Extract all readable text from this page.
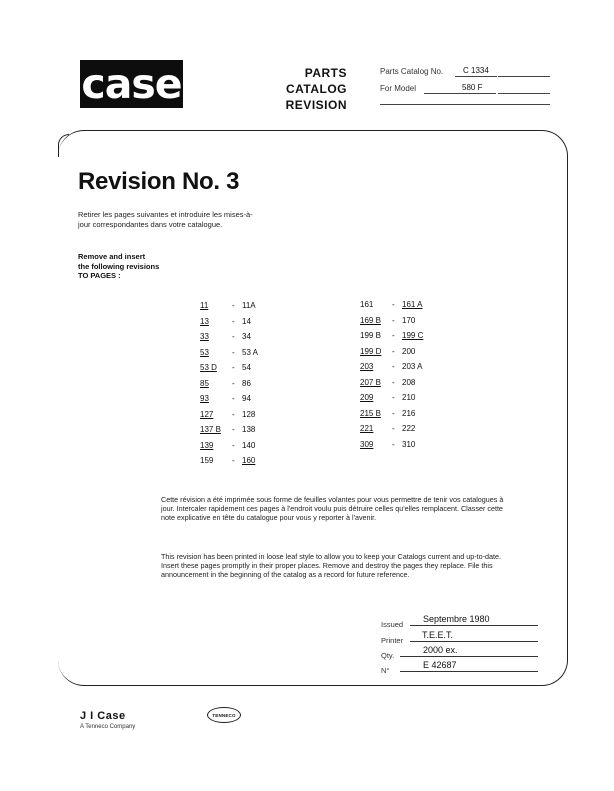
case	PARTS
CATALOG
REVISION
Parts Catalog No. C 1334
For Model	580 F
Revision No. 3
Retirer les pages suivantes et introduire les mises-à-jour correspondantes dans votre catalogue.
Remove and insert
the following revisions
TO PAGES :
11	- 11A
13	- 14
33	- 34
53	- 53 A
53 D - 54
85	- 86
93	- 94
127 - 128
137 B - 138
139 - 140
159 - 160
161 - 161 A
169 B - 170
199 B - 199 C
199 D - 200
203 - 203 A
207 B - 208
209 - 210
215 B - 216
221 - 222
309 - 310
Cette révision a été imprimée sous forme de feuilles volantes pour vous permettre de tenir vos catalogues à jour. Intercaler rapidement ces pages à l'endroit voulu puis détruire celles qu'elles remplacent. Classer cette note explicative en tête du catalogue pour vous y reporter à l'avenir.
This revision has been printed in loose leaf style to allow you to keep your Catalogs current and up-to-date. Insert these pages promptly in their proper places. Remove and destroy the pages they replace. File this announcement in the beginning of the catalog as a record for future reference.
Issued
Septembre 1980
Printer
T.E.E.T.
Qty.
2000 ex.
N°
E 42687
J I Case
A Tenneco Company
TENNECO
